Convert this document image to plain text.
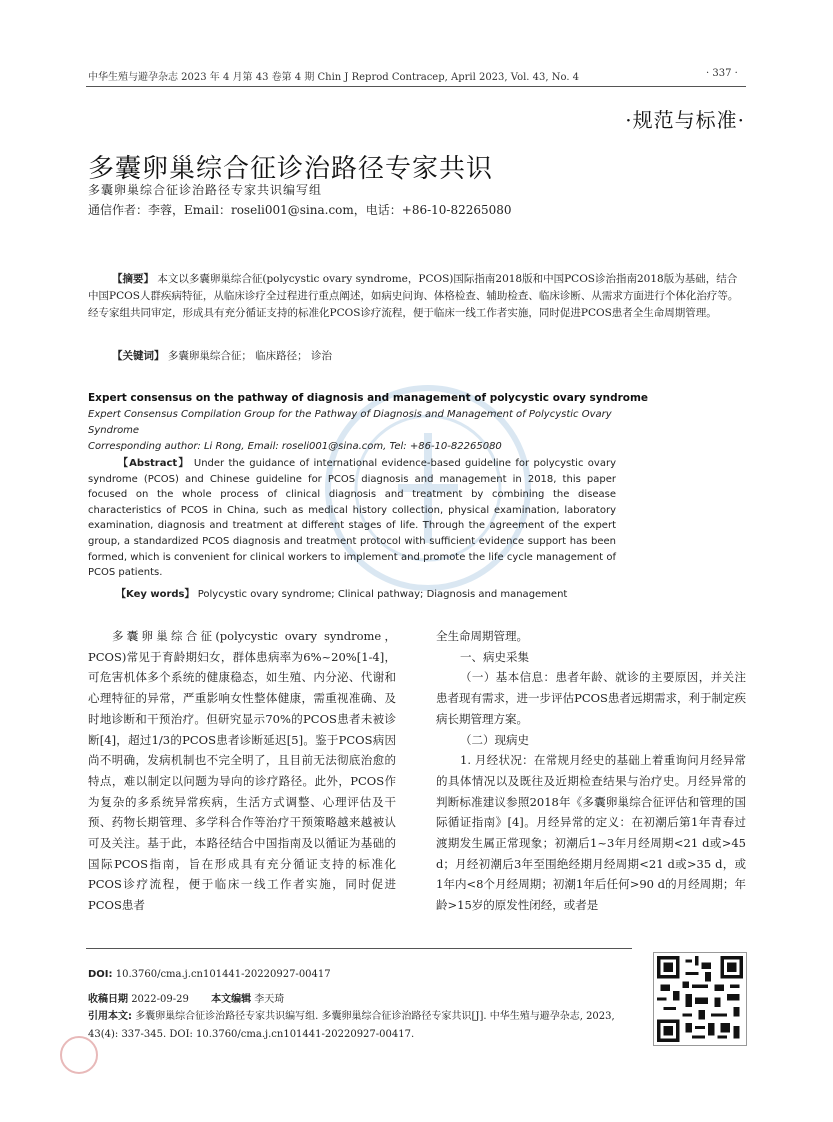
中华生殖与避孕杂志 2023 年 4 月第 43 卷第 4 期 Chin J Reprod Contracep, April 2023, Vol. 43, No. 4	· 337 ·
·规范与标准·
多囊卵巢综合征诊治路径专家共识
多囊卵巢综合征诊治路径专家共识编写组
通信作者：李蓉，Email：roseli001@sina.com，电话：+86-10-82265080
【摘要】 本文以多囊卵巢综合征(polycystic ovary syndrome，PCOS)国际指南2018版和中国PCOS诊治指南2018版为基础，结合中国PCOS人群疾病特征，从临床诊疗全过程进行重点阐述，如病史问询、体格检查、辅助检查、临床诊断、从需求方面进行个体化治疗等。经专家组共同审定，形成具有充分循证支持的标准化PCOS诊疗流程，便于临床一线工作者实施，同时促进PCOS患者全生命周期管理。
【关键词】 多囊卵巢综合征； 临床路径； 诊治
Expert consensus on the pathway of diagnosis and management of polycystic ovary syndrome
Expert Consensus Compilation Group for the Pathway of Diagnosis and Management of Polycystic Ovary Syndrome
Corresponding author: Li Rong, Email: roseli001@sina.com, Tel: +86-10-82265080
【Abstract】 Under the guidance of international evidence-based guideline for polycystic ovary syndrome (PCOS) and Chinese guideline for PCOS diagnosis and management in 2018, this paper focused on the whole process of clinical diagnosis and treatment by combining the disease characteristics of PCOS in China, such as medical history collection, physical examination, laboratory examination, diagnosis and treatment at different stages of life. Through the agreement of the expert group, a standardized PCOS diagnosis and treatment protocol with sufficient evidence support has been formed, which is convenient for clinical workers to implement and promote the life cycle management of PCOS patients.
【Key words】 Polycystic ovary syndrome; Clinical pathway; Diagnosis and management

多囊卵巢综合征(polycystic ovary syndrome，PCOS)常见于育龄期妇女，群体患病率为6%~20%[1-4]，可危害机体多个系统的健康稳态，如生殖、内分泌、代谢和心理特征的异常，严重影响女性整体健康，需重视准确、及时地诊断和干预治疗。但研究显示70%的PCOS患者未被诊断[4]，超过1/3的PCOS患者诊断延迟[5]。鉴于PCOS病因尚不明确，发病机制也不完全明了，且目前无法彻底治愈的特点，难以制定以问题为导向的诊疗路径。此外，PCOS作为复杂的多系统异常疾病，生活方式调整、心理评估及干预、药物长期管理、多学科合作等治疗干预策略越来越被认可及关注。基于此，本路径结合中国指南及以循证为基础的国际PCOS指南，旨在形成具有充分循证支持的标准化PCOS诊疗流程，便于临床一线工作者实施，同时促进PCOS患者

全生命周期管理。

一、病史采集

（一）基本信息：患者年龄、就诊的主要原因，并关注患者现有需求，进一步评估PCOS患者远期需求，利于制定疾病长期管理方案。

（二）现病史

1. 月经状况：在常规月经史的基础上着重询问月经异常的具体情况以及既往及近期检查结果与治疗史。月经异常的判断标准建议参照2018年《多囊卵巢综合征评估和管理的国际循证指南》[4]。月经异常的定义：在初潮后第1年青春过渡期发生属正常现象；初潮后1~3年月经周期<21 d或>45 d；月经初潮后3年至围绝经期月经周期<21 d或>35 d，或1年内<8个月经周期；初潮1年后任何>90 d的月经周期；年龄>15岁的原发性闭经，或者是

DOI: 10.3760/cma.j.cn101441-20220927-00417
收稿日期 2022-09-29 本文编辑 李天琦
引用本文: 多囊卵巢综合征诊治路径专家共识编写组. 多囊卵巢综合征诊治路径专家共识[J]. 中华生殖与避孕杂志, 2023, 43(4): 337-345. DOI: 10.3760/cma.j.cn101441-20220927-00417.
